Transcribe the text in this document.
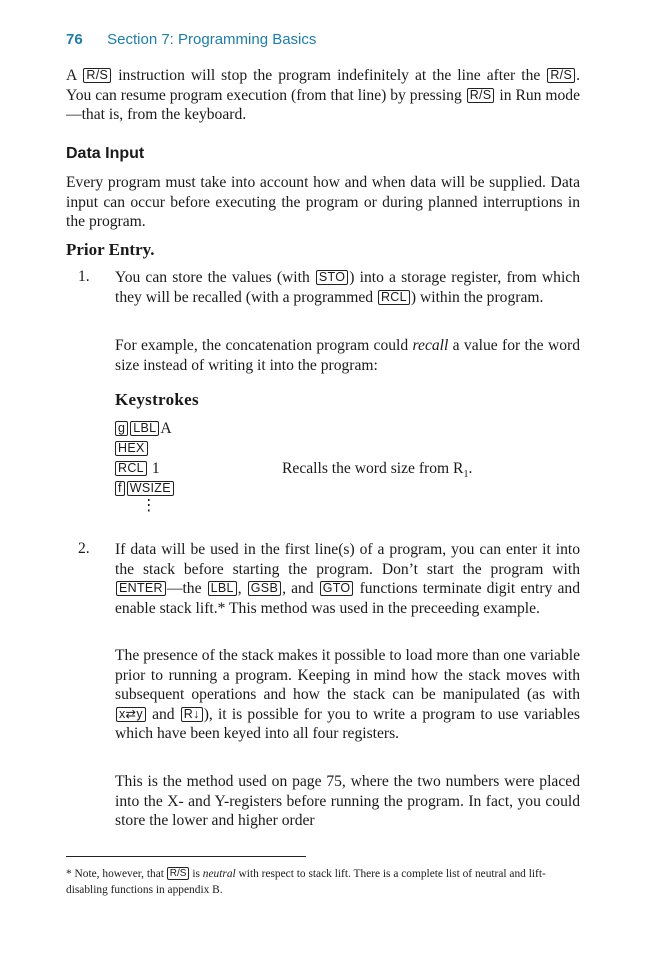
76 Section 7: Programming Basics

A R/S instruction will stop the program indefinitely at the line after the R/S . You can resume program execution (from that line) by pressing R/S in Run mode—that is, from the keyboard.

Data Input

Every program must take into account how and when data will be supplied. Data input can occur before executing the program or during planned interruptions in the program.

Prior Entry.
1. You can store the values (with STO ) into a storage register, from which they will be recalled (with a programmed RCL ) within the program.

For example, the concatenation program could recall a value for the word size instead of writing it into the program:

Keystrokes
g LBL A
HEX
RCL 1	Recalls the word size from $R_1$.
f WSIZE
⋮
2. If data will be used in the first line(s) of a program, you can enter it into the stack before starting the program. Don’t start the program with ENTER —the LBL , GSB , and GTO functions terminate digit entry and enable stack lift.* This method was used in the preceeding example.

The presence of the stack makes it possible to load more than one variable prior to running a program. Keeping in mind how the stack moves with subsequent operations and how the stack can be manipulated (as with x⇄y and R↓ ), it is possible for you to write a program to use variables which have been keyed into all four registers.

This is the method used on page 75, where the two numbers were placed into the X- and Y-registers before running the program. In fact, you could store the lower and higher order

* Note, however, that R/S is neutral with respect to stack lift. There is a complete list of neutral and lift-disabling functions in appendix B.
